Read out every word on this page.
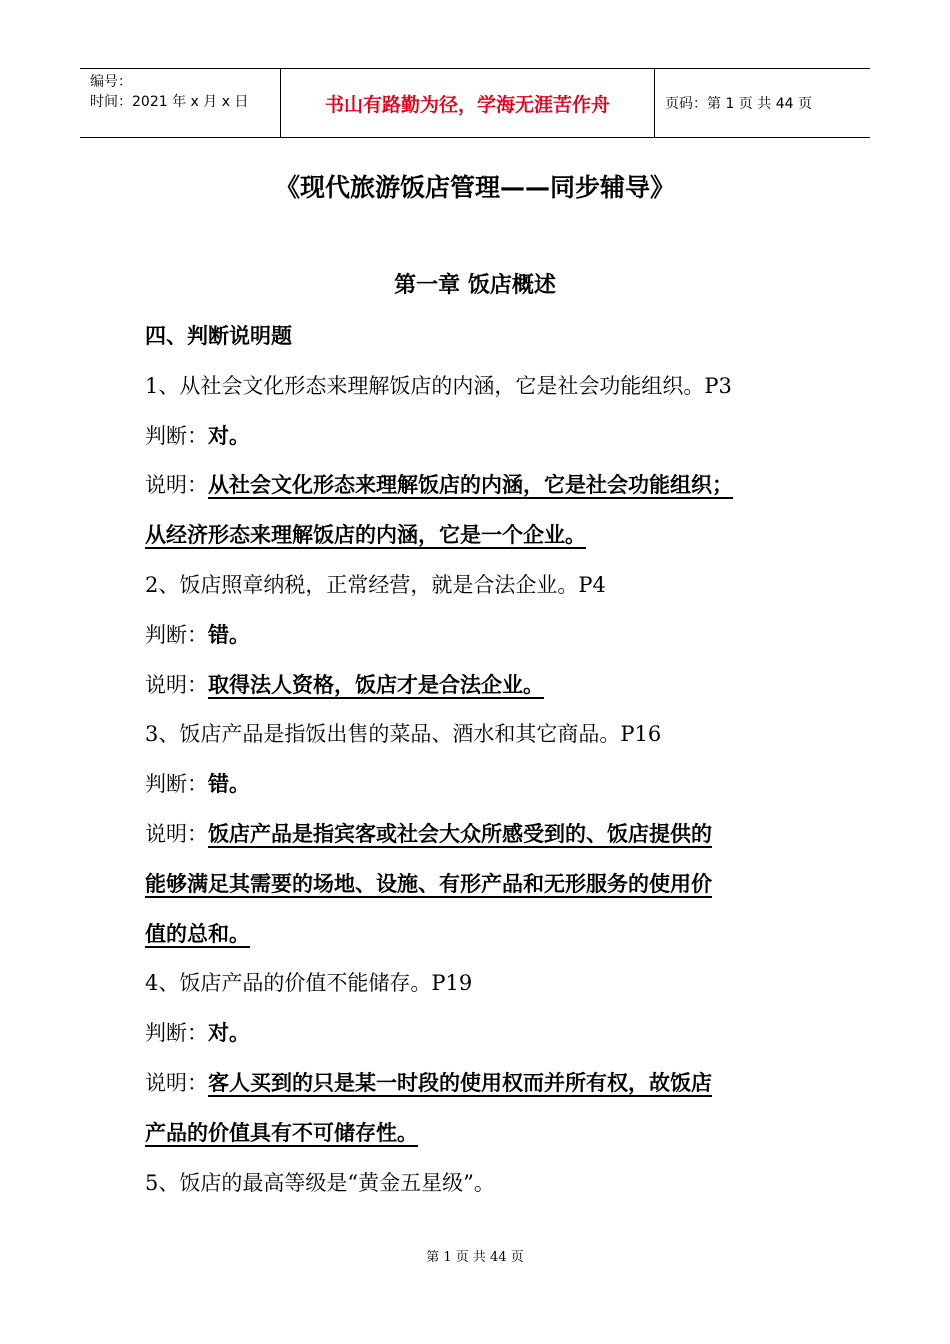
编号：
时间：2021 年 x 月 x 日	书山有路勤为径，学海无涯苦作舟	页码：第 1 页 共 44 页
《现代旅游饭店管理——同步辅导》
第一章 饭店概述
四、判断说明题
1、从社会文化形态来理解饭店的内涵，它是社会功能组织。P3
判断：对。
说明：从社会文化形态来理解饭店的内涵，它是社会功能组织；
从经济形态来理解饭店的内涵，它是一个企业。
2、饭店照章纳税，正常经营，就是合法企业。P4
判断：错。
说明：取得法人资格，饭店才是合法企业。
3、饭店产品是指饭出售的菜品、酒水和其它商品。P16
判断：错。
说明：饭店产品是指宾客或社会大众所感受到的、饭店提供的
能够满足其需要的场地、设施、有形产品和无形服务的使用价
值的总和。
4、饭店产品的价值不能储存。P19
判断：对。
说明：客人买到的只是某一时段的使用权而并所有权，故饭店
产品的价值具有不可储存性。
5、饭店的最高等级是“黄金五星级”。
第 1 页 共 44 页
